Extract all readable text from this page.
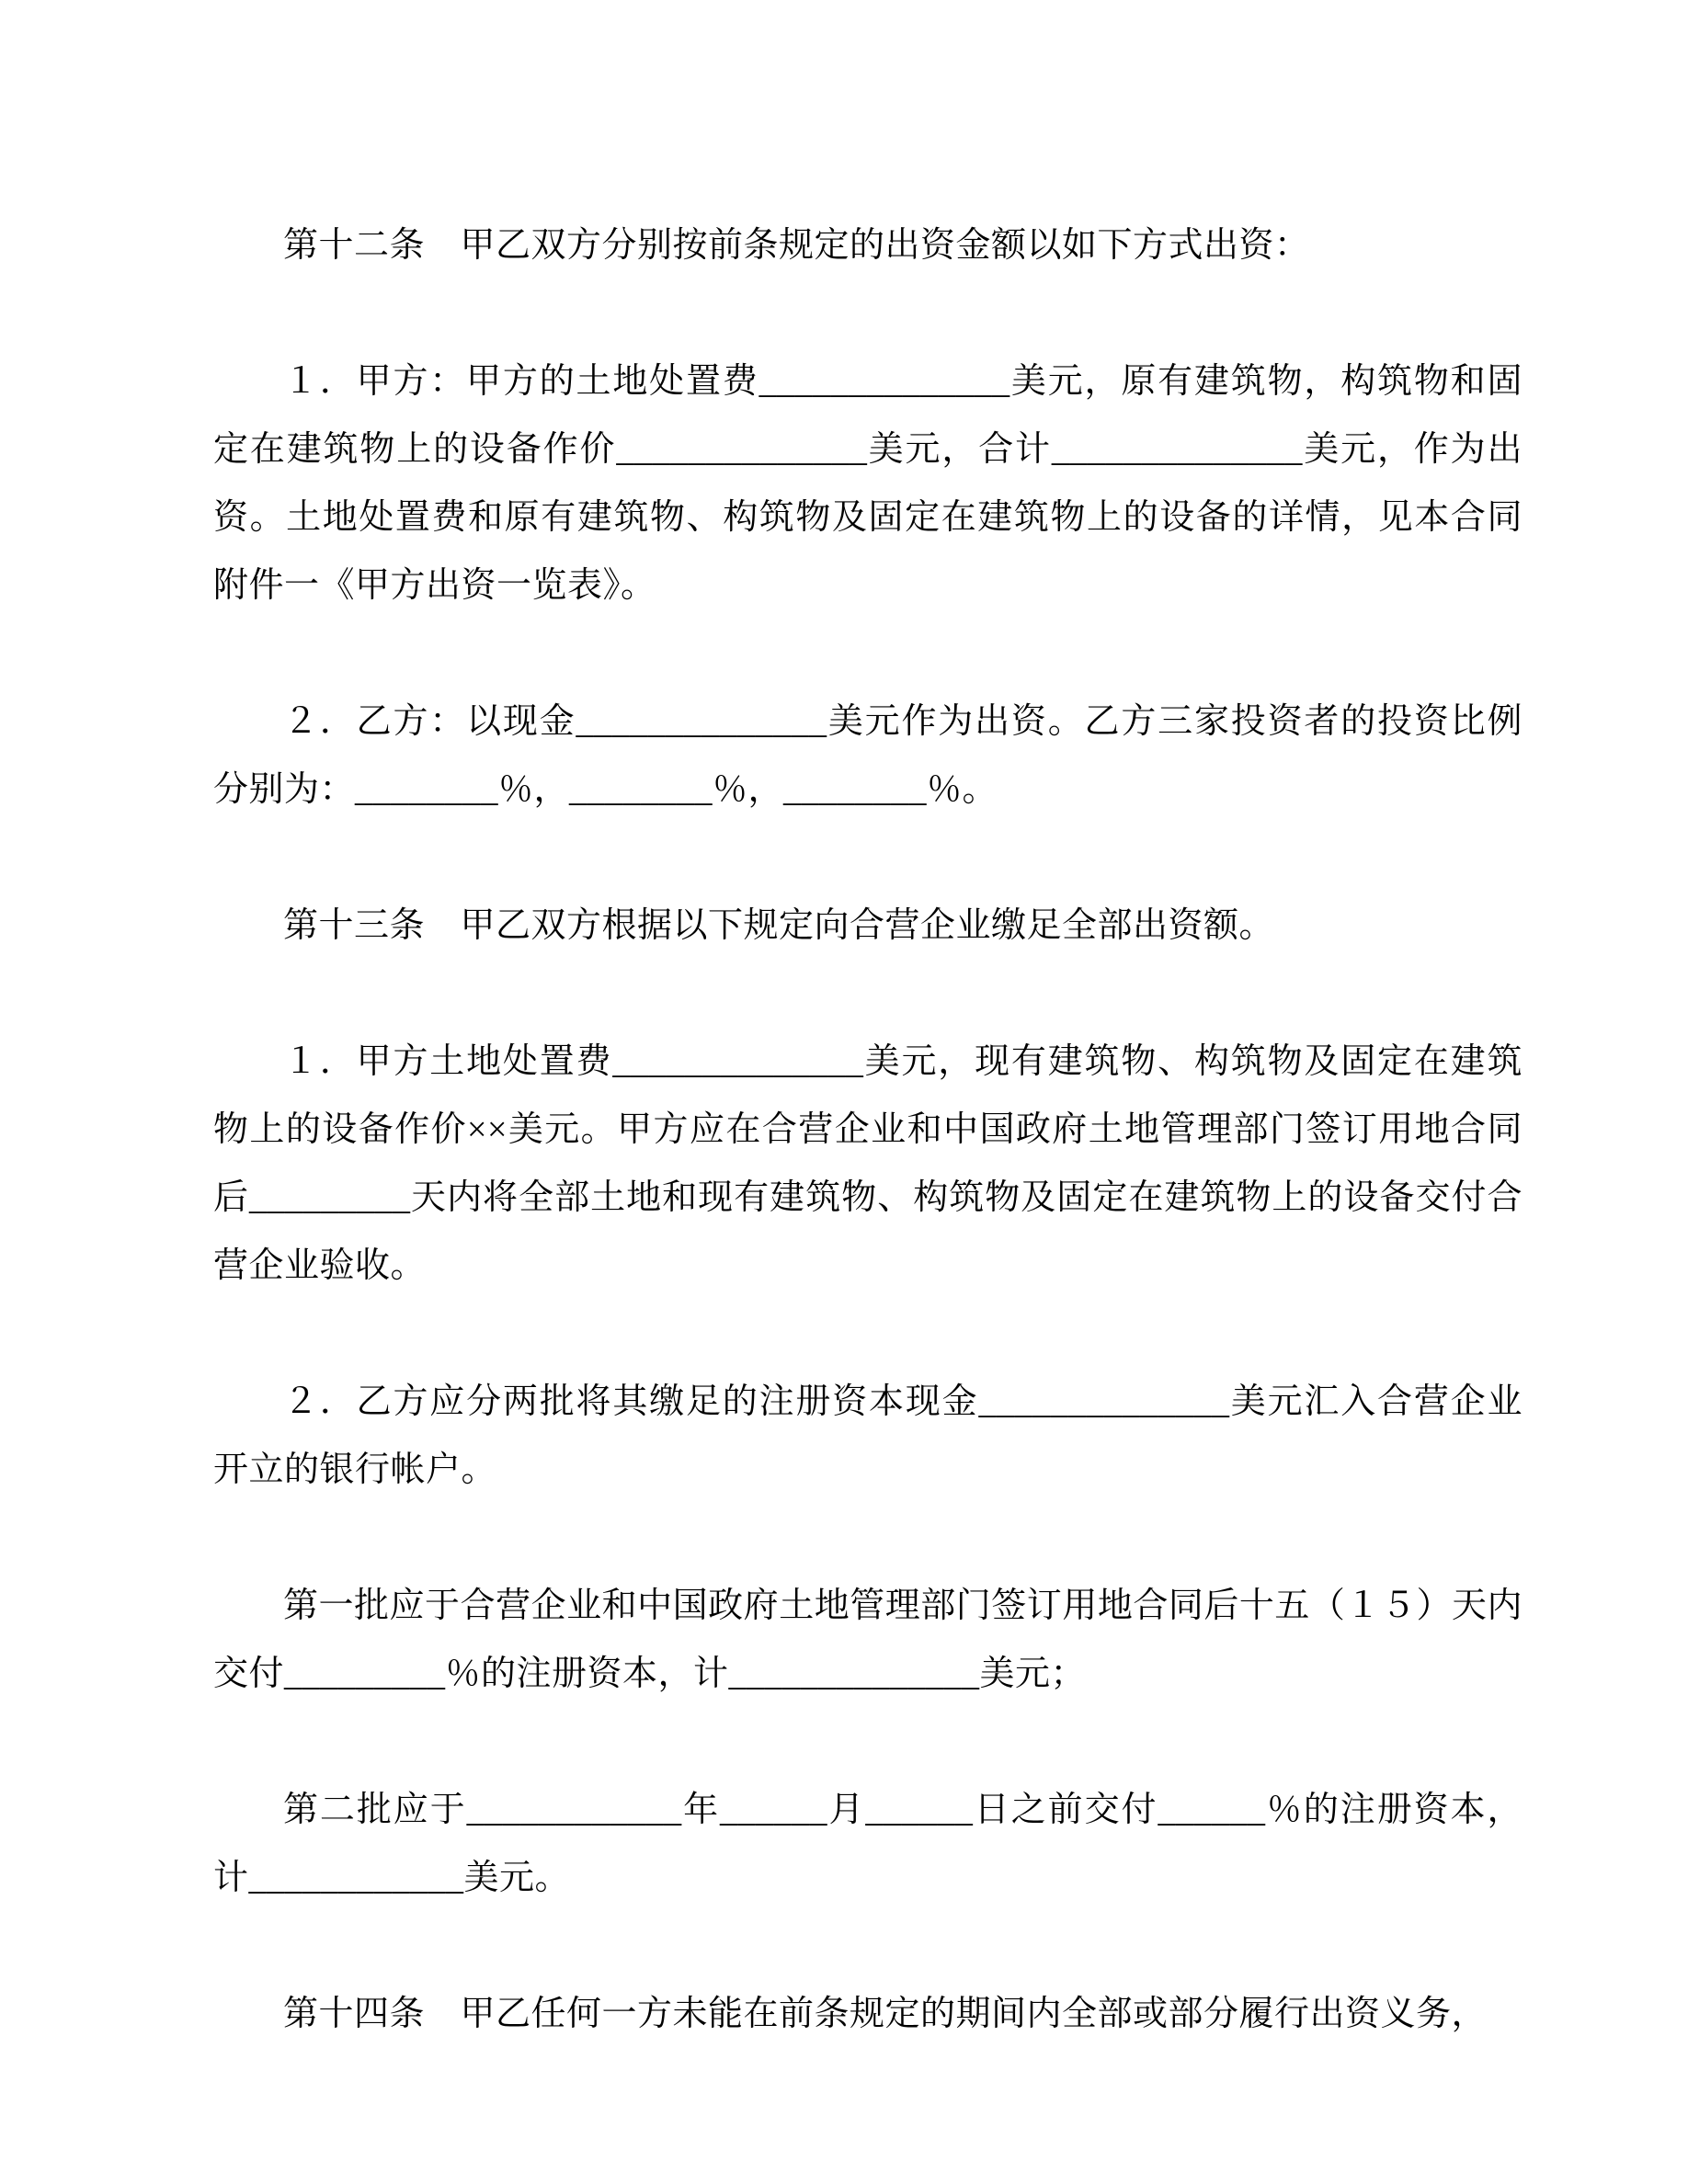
第十二条　甲乙双方分别按前条规定的出资金额以如下方式出资：

１．甲方：甲方的土地处置费______________美元，原有建筑物，构筑物和固定在建筑物上的设备作价______________美元，合计______________美元，作为出资。土地处置费和原有建筑物、构筑物及固定在建筑物上的设备的详情，见本合同附件一《甲方出资一览表》。

２．乙方：以现金______________美元作为出资。乙方三家投资者的投资比例分别为：________％，________％，________％。

第十三条　甲乙双方根据以下规定向合营企业缴足全部出资额。

１．甲方土地处置费______________美元，现有建筑物、构筑物及固定在建筑物上的设备作价××美元。甲方应在合营企业和中国政府土地管理部门签订用地合同后_________天内将全部土地和现有建筑物、构筑物及固定在建筑物上的设备交付合营企业验收。

２．乙方应分两批将其缴足的注册资本现金______________美元汇入合营企业开立的银行帐户。

第一批应于合营企业和中国政府土地管理部门签订用地合同后十五（１５）天内交付_________％的注册资本，计______________美元；

第二批应于____________年______月______日之前交付______％的注册资本，计____________美元。

第十四条　甲乙任何一方未能在前条规定的期间内全部或部分履行出资义务，
